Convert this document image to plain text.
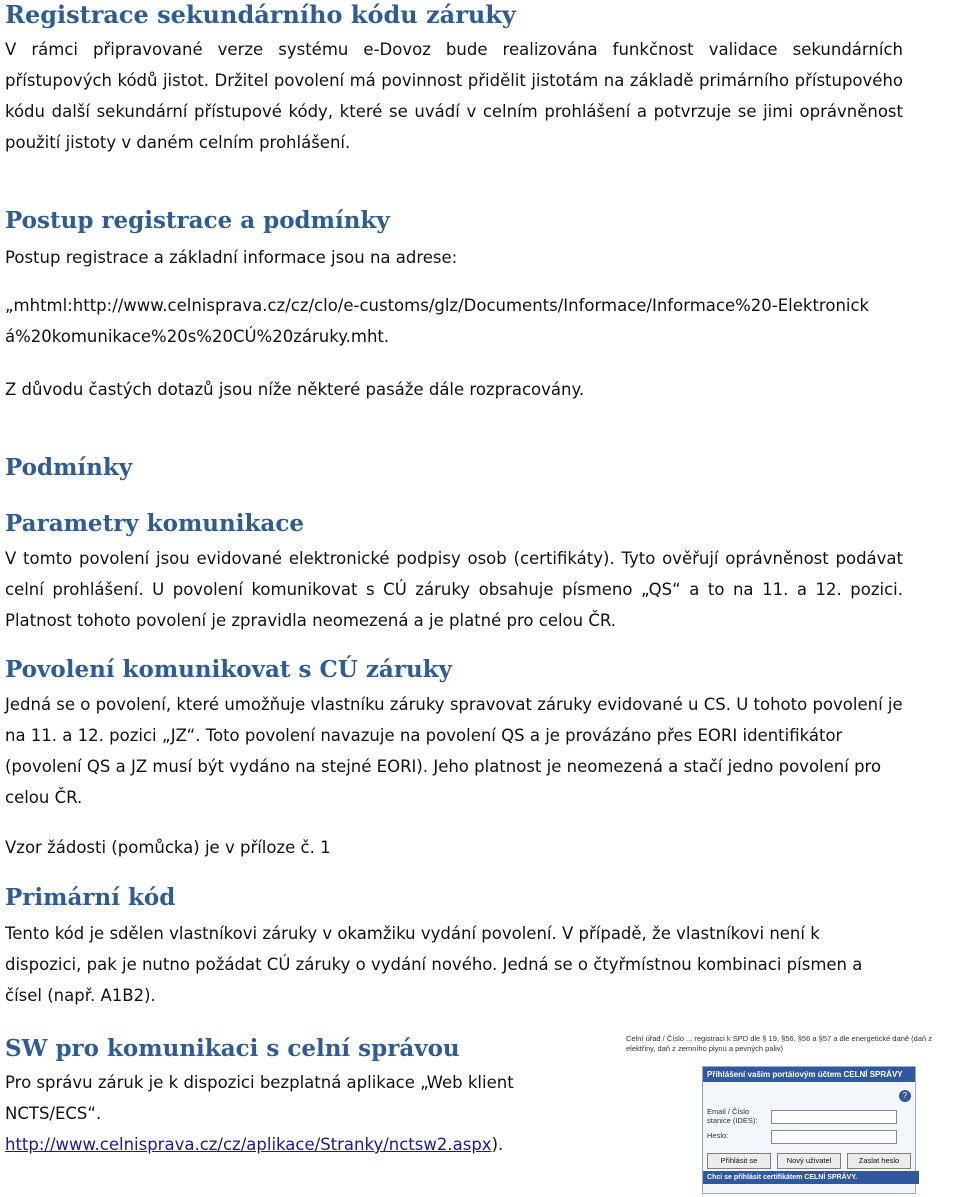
Registrace sekundárního kódu záruky

V rámci připravované verze systému e-Dovoz bude realizována funkčnost validace sekundárních přístupových kódů jistot. Držitel povolení má povinnost přidělit jistotám na základě primárního přístupového kódu další sekundární přístupové kódy, které se uvádí v celním prohlášení a potvrzuje se jimi oprávněnost použití jistoty v daném celním prohlášení.

Postup registrace a podmínky

Postup registrace a základní informace jsou na adrese:

„mhtml:http://www.celnisprava.cz/cz/clo/e-customs/glz/Documents/Informace/Informace%20-Elektronická%20komunikace%20s%20CÚ%20záruky.mht.

Z důvodu častých dotazů jsou níže některé pasáže dále rozpracovány.

Podmínky
Parametry komunikace

V tomto povolení jsou evidované elektronické podpisy osob (certifikáty). Tyto ověřují oprávněnost podávat celní prohlášení. U povolení komunikovat s CÚ záruky obsahuje písmeno „QS“ a to na 11. a 12. pozici. Platnost tohoto povolení je zpravidla neomezená a je platné pro celou ČR.

Povolení komunikovat s CÚ záruky

Jedná se o povolení, které umožňuje vlastníku záruky spravovat záruky evidované u CS. U tohoto povolení je na 11. a 12. pozici „JZ“. Toto povolení navazuje na povolení QS a je provázáno přes EORI identifikátor (povolení QS a JZ musí být vydáno na stejné EORI). Jeho platnost je neomezená a stačí jedno povolení pro celou ČR.

Vzor žádosti (pomůcka) je v příloze č. 1

Primární kód

Tento kód je sdělen vlastníkovi záruky v okamžiku vydání povolení. V případě, že vlastníkovi není k dispozici, pak je nutno požádat CÚ záruky o vydání nového. Jedná se o čtyřmístnou kombinaci písmen a čísel (např. A1B2).

SW pro komunikaci s celní správou

Pro správu záruk je k dispozici bezplatná aplikace „Web klient NCTS/ECS“.
http://www.celnisprava.cz/cz/aplikace/Stranky/nctsw2.aspx).

Celní úřad / Číslo ... registraci k SPD dle § 19, §56, §56 a §57 a dle energetické daně (daň z elektřiny, daň z zemního plynu a pevných paliv)
Přihlášení vašim portálovým účtem CELNÍ SPRÁVY
?
Email / Číslo stanice (IDES):
Heslo:
Přihlásit se	Nový uživatel	Zaslat heslo
Chci se přihlásit certifikátem CELNÍ SPRÁVY.
